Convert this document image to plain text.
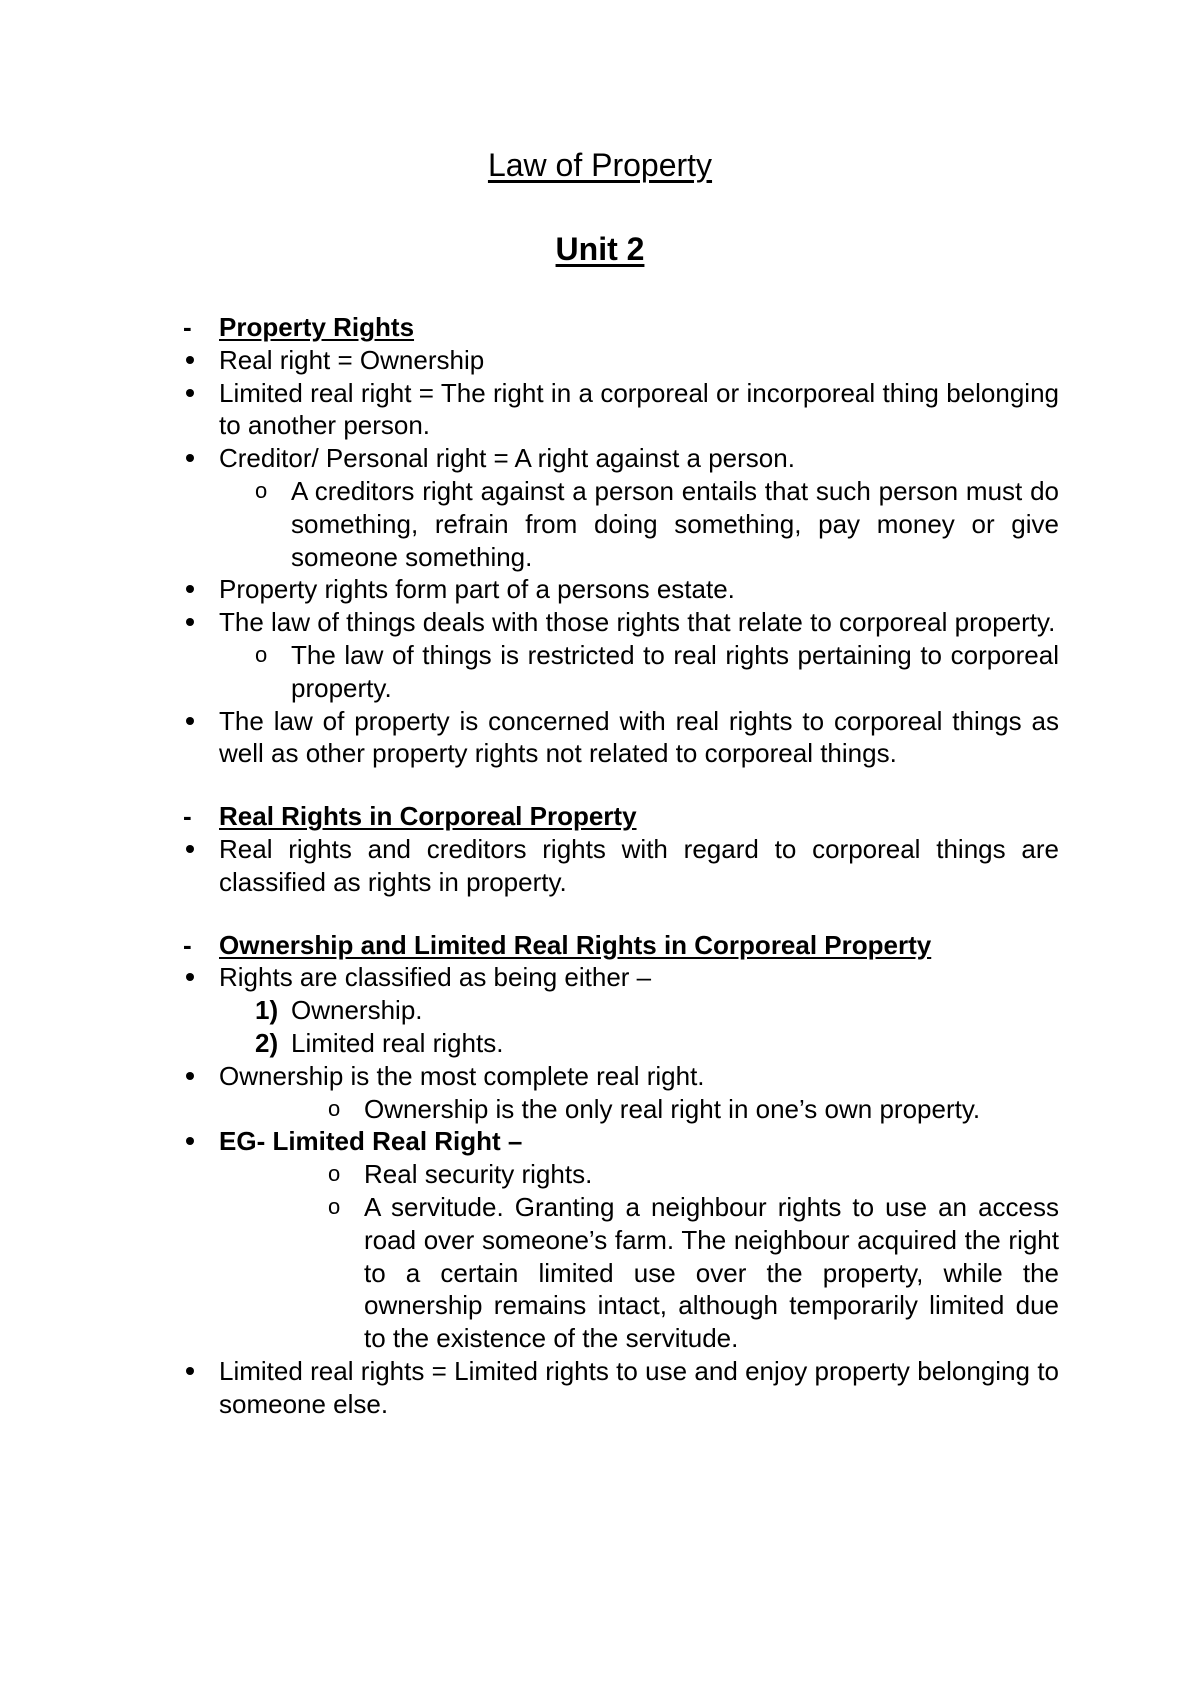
Law of Property
Unit 2
- Property Rights
Real right = Ownership
Limited real right = The right in a corporeal or incorporeal thing belonging to another person.
Creditor/ Personal right = A right against a person.
o A creditors right against a person entails that such person must do something, refrain from doing something, pay money or give someone something.
Property rights form part of a persons estate.
The law of things deals with those rights that relate to corporeal property.
o The law of things is restricted to real rights pertaining to corporeal property.
The law of property is concerned with real rights to corporeal things as well as other property rights not related to corporeal things.
- Real Rights in Corporeal Property
Real rights and creditors rights with regard to corporeal things are classified as rights in property.
- Ownership and Limited Real Rights in Corporeal Property
Rights are classified as being either –
1) Ownership.
2) Limited real rights.
Ownership is the most complete real right.
o Ownership is the only real right in one’s own property.
EG- Limited Real Right –
o Real security rights.
o A servitude. Granting a neighbour rights to use an access road over someone’s farm. The neighbour acquired the right to a certain limited use over the property, while the ownership remains intact, although temporarily limited due to the existence of the servitude.
Limited real rights = Limited rights to use and enjoy property belonging to someone else.
